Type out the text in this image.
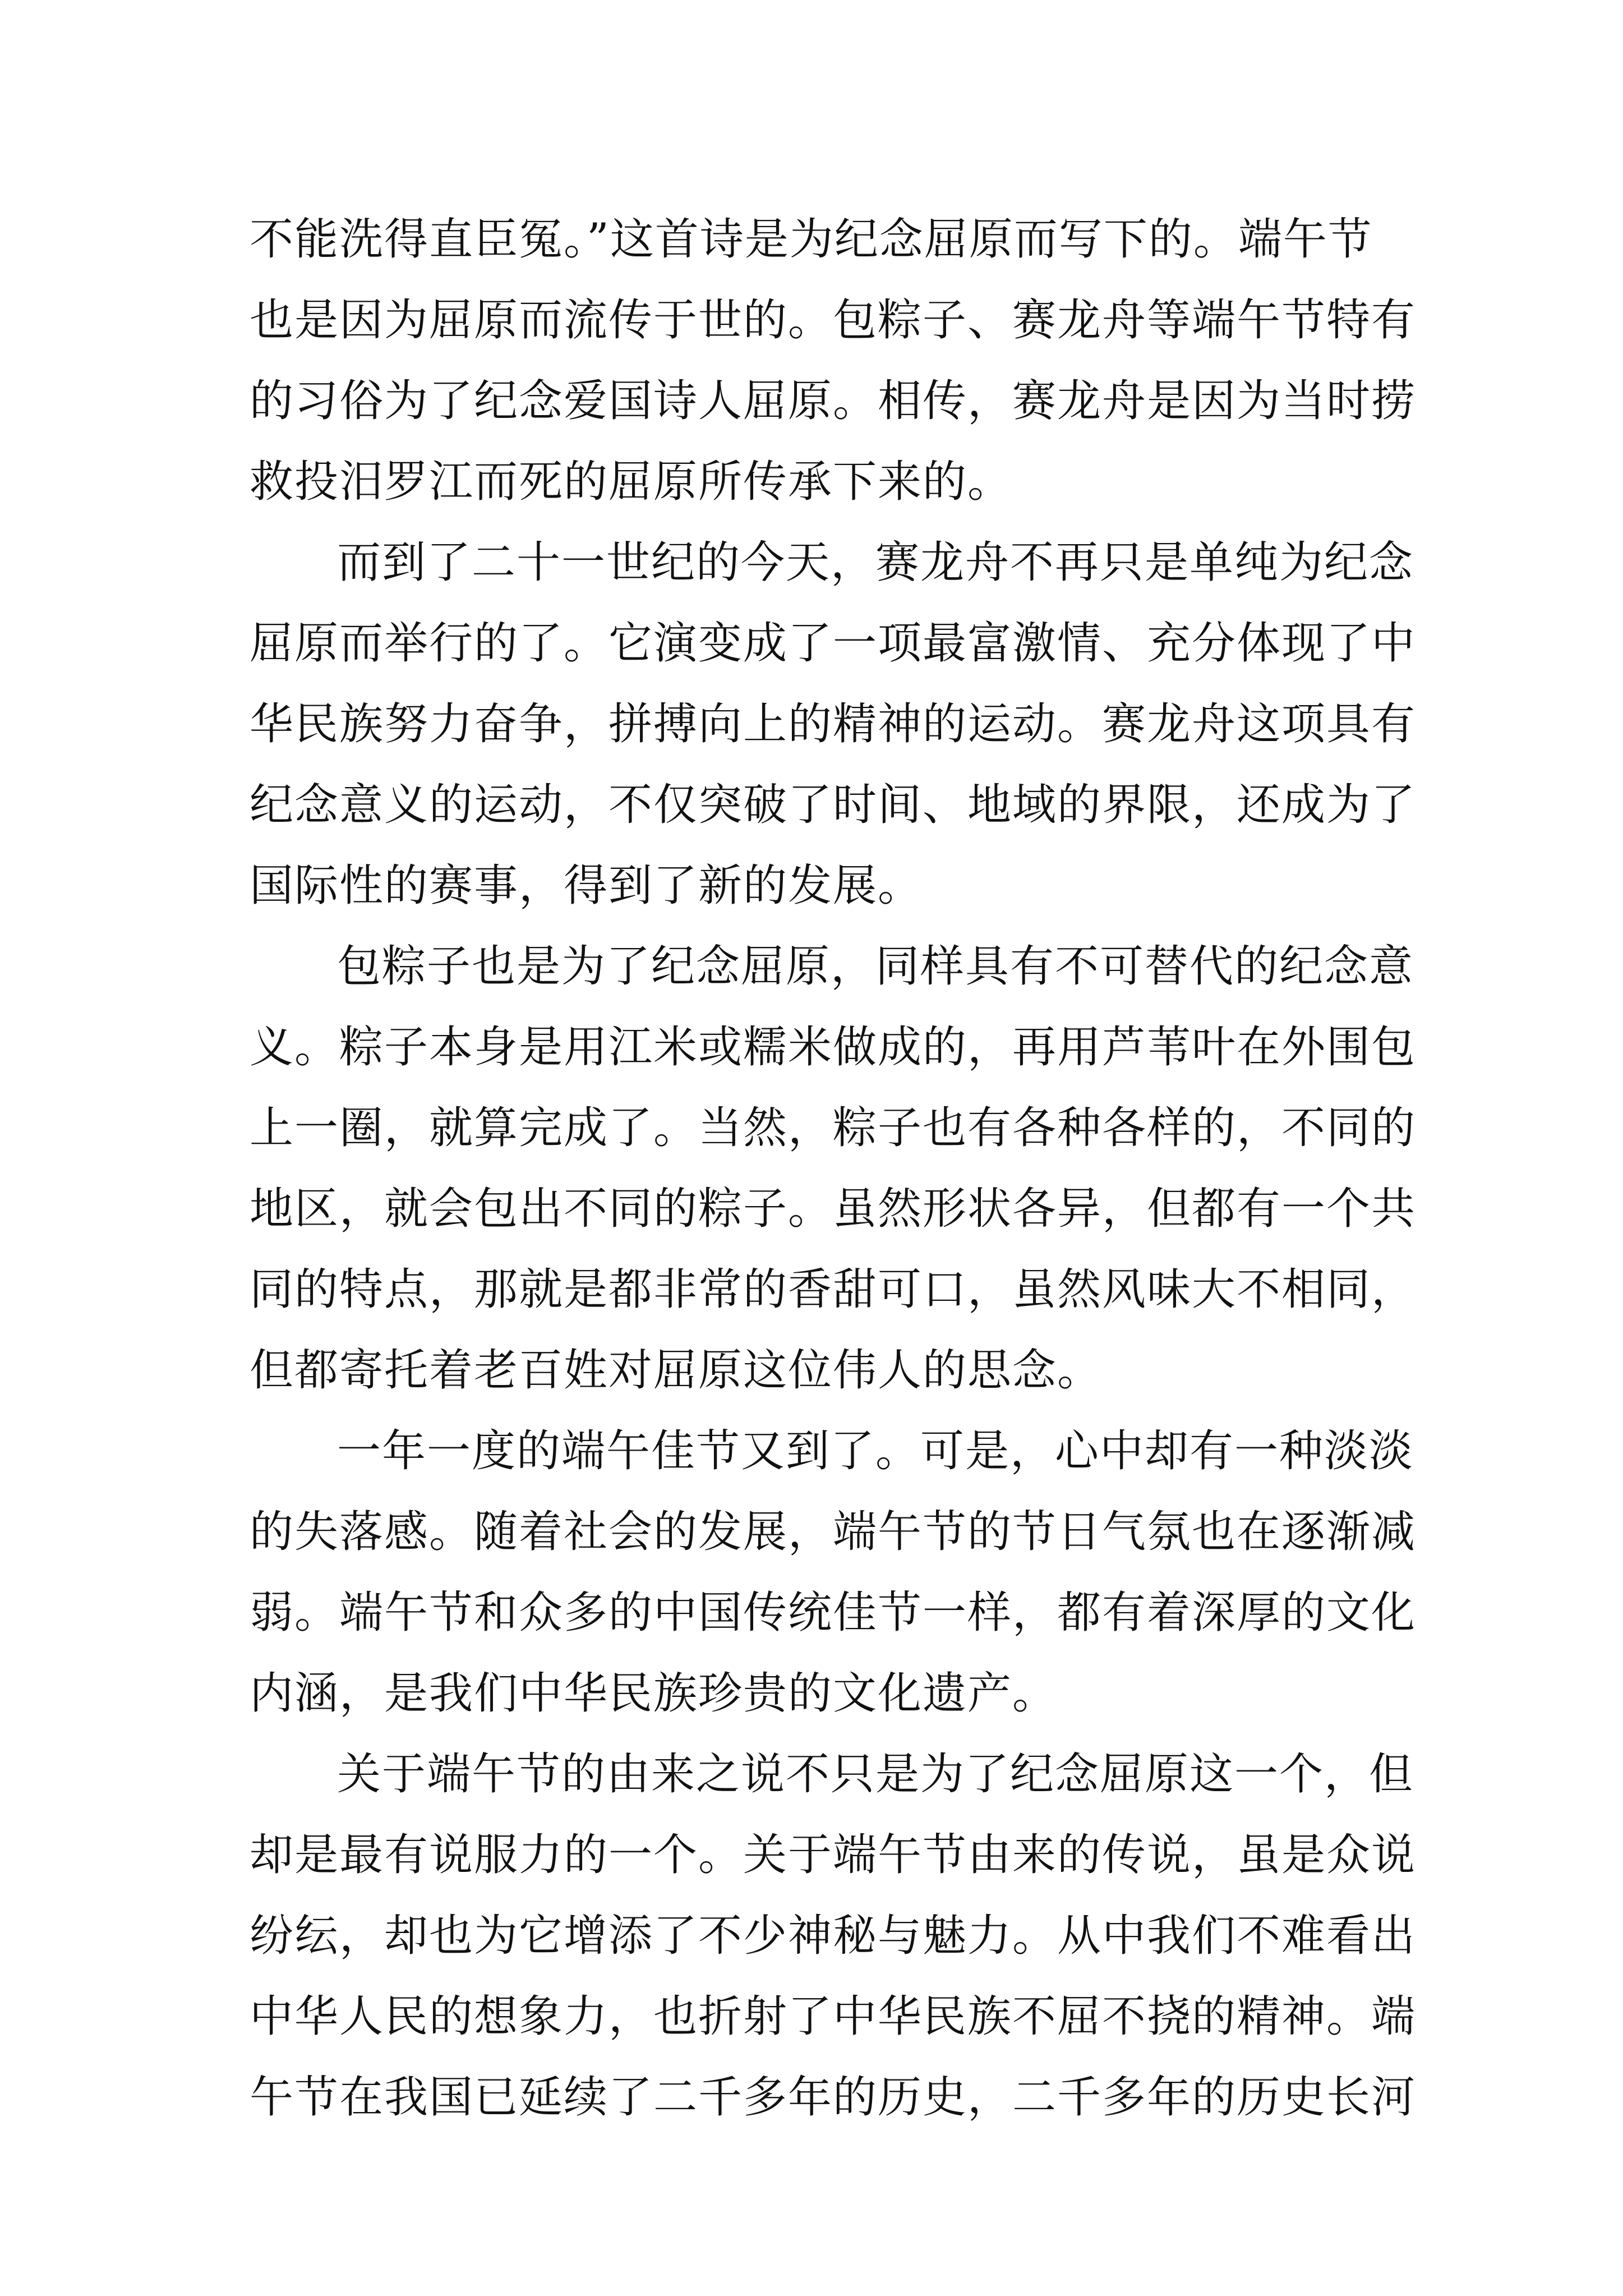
不能洗得直臣冤。”这首诗是为纪念屈原而写下的。端午节
也是因为屈原而流传于世的。包粽子、赛龙舟等端午节特有
的习俗为了纪念爱国诗人屈原。相传，赛龙舟是因为当时捞
救投汨罗江而死的屈原所传承下来的。
而到了二十一世纪的今天，赛龙舟不再只是单纯为纪念
屈原而举行的了。它演变成了一项最富激情、充分体现了中
华民族努力奋争，拼搏向上的精神的运动。赛龙舟这项具有
纪念意义的运动，不仅突破了时间、地域的界限，还成为了
国际性的赛事，得到了新的发展。
包粽子也是为了纪念屈原，同样具有不可替代的纪念意
义。粽子本身是用江米或糯米做成的，再用芦苇叶在外围包
上一圈，就算完成了。当然，粽子也有各种各样的，不同的
地区，就会包出不同的粽子。虽然形状各异，但都有一个共
同的特点，那就是都非常的香甜可口，虽然风味大不相同，
但都寄托着老百姓对屈原这位伟人的思念。
一年一度的端午佳节又到了。可是，心中却有一种淡淡
的失落感。随着社会的发展，端午节的节日气氛也在逐渐减
弱。端午节和众多的中国传统佳节一样，都有着深厚的文化
内涵，是我们中华民族珍贵的文化遗产。
关于端午节的由来之说不只是为了纪念屈原这一个，但
却是最有说服力的一个。关于端午节由来的传说，虽是众说
纷纭，却也为它增添了不少神秘与魅力。从中我们不难看出
中华人民的想象力，也折射了中华民族不屈不挠的精神。端
午节在我国已延续了二千多年的历史，二千多年的历史长河
